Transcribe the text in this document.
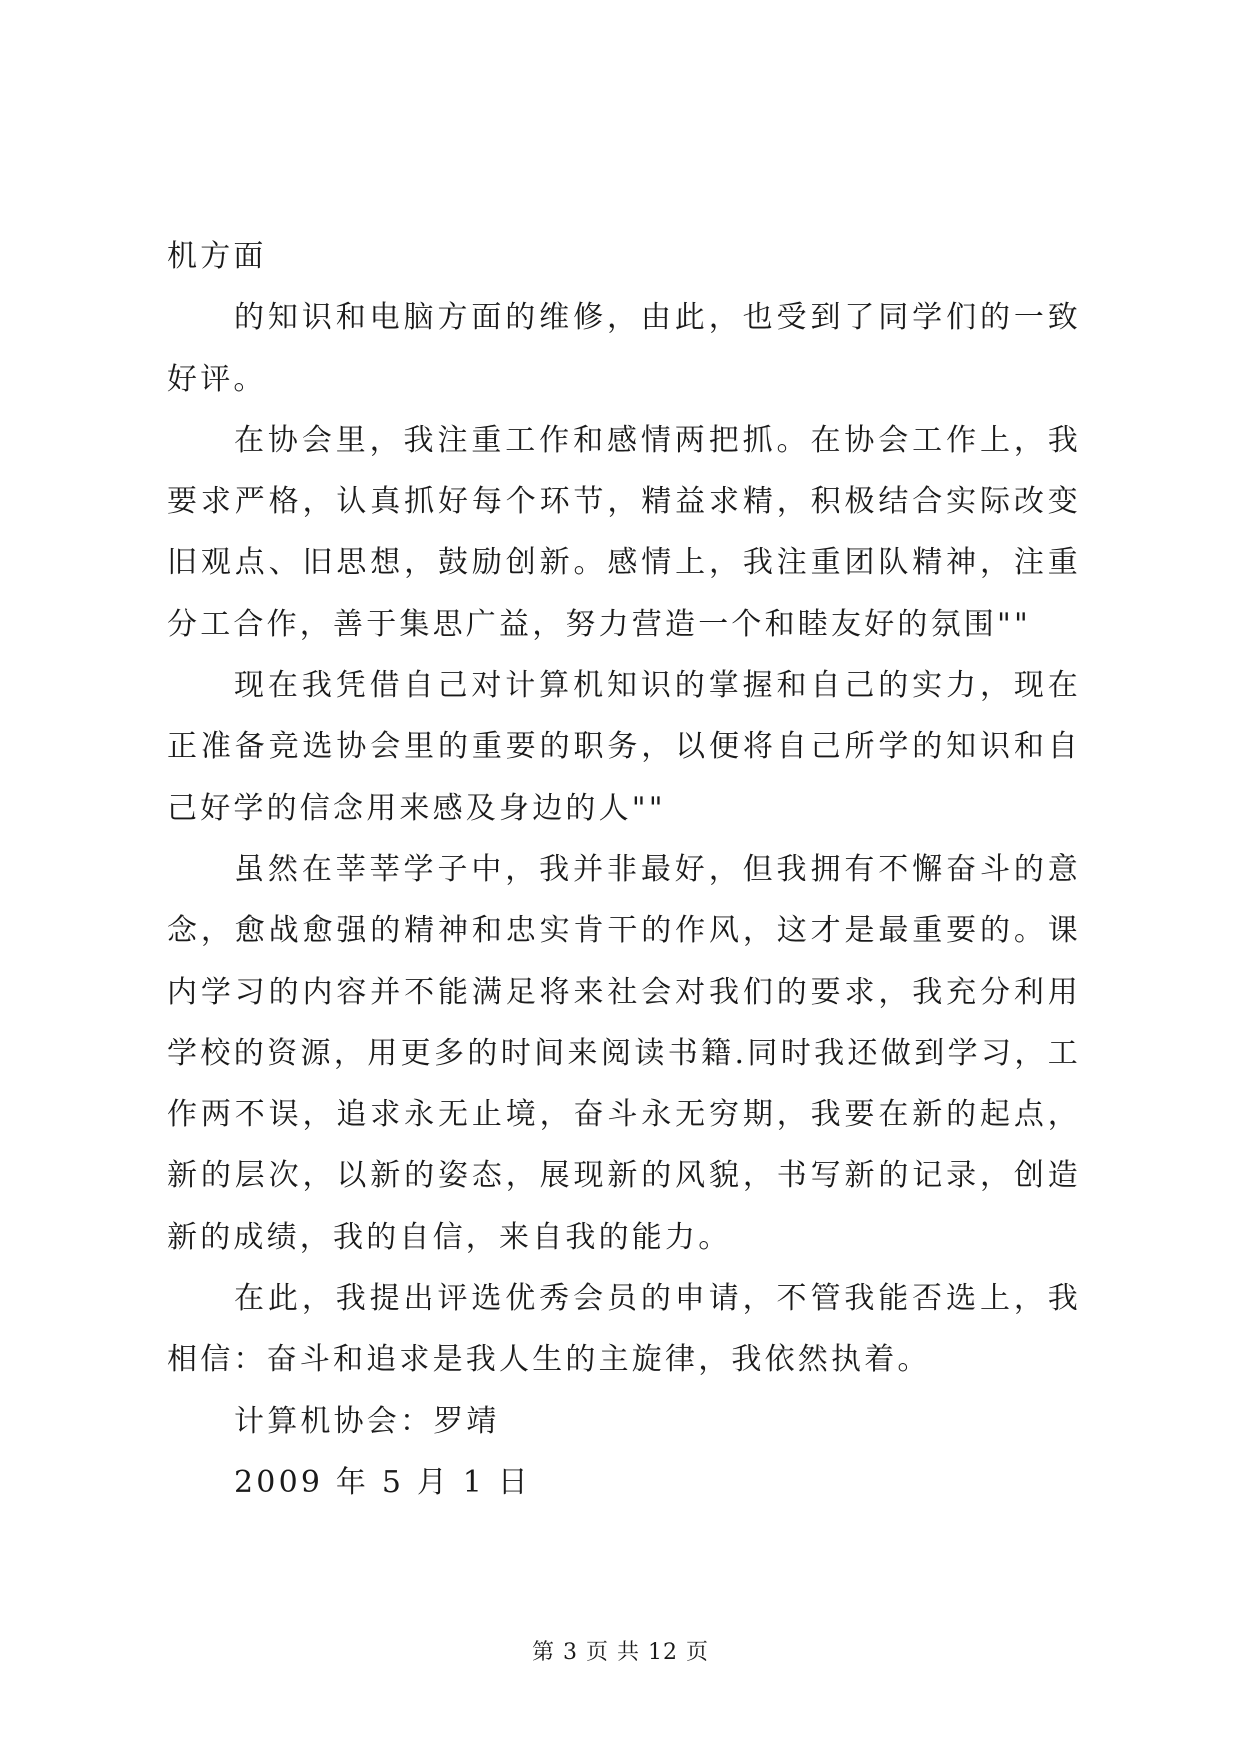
机方面

的知识和电脑方面的维修，由此，也受到了同学们的一致好评。

在协会里，我注重工作和感情两把抓。在协会工作上，我要求严格，认真抓好每个环节，精益求精，积极结合实际改变旧观点、旧思想，鼓励创新。感情上，我注重团队精神，注重分工合作，善于集思广益，努力营造一个和睦友好的氛围""

现在我凭借自己对计算机知识的掌握和自己的实力，现在正准备竞选协会里的重要的职务，以便将自己所学的知识和自己好学的信念用来感及身边的人""

虽然在莘莘学子中，我并非最好，但我拥有不懈奋斗的意念，愈战愈强的精神和忠实肯干的作风，这才是最重要的。课内学习的内容并不能满足将来社会对我们的要求，我充分利用学校的资源，用更多的时间来阅读书籍.同时我还做到学习，工作两不误，追求永无止境，奋斗永无穷期，我要在新的起点，新的层次，以新的姿态，展现新的风貌，书写新的记录，创造新的成绩，我的自信，来自我的能力。

在此，我提出评选优秀会员的申请，不管我能否选上，我相信：奋斗和追求是我人生的主旋律，我依然执着。

计算机协会：罗靖

2009 年 5 月 1 日

第 3 页 共 12 页
